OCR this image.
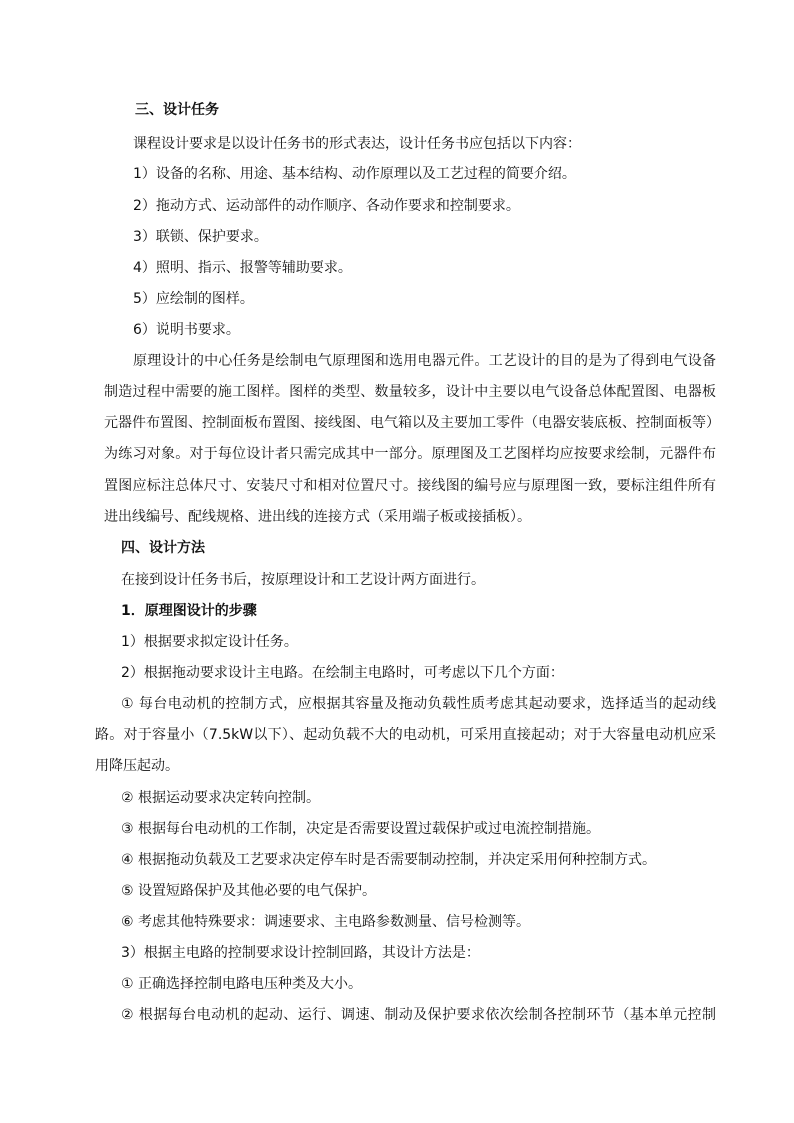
三、设计任务
课程设计要求是以设计任务书的形式表达，设计任务书应包括以下内容：
1）设备的名称、用途、基本结构、动作原理以及工艺过程的简要介绍。
2）拖动方式、运动部件的动作顺序、各动作要求和控制要求。
3）联锁、保护要求。
4）照明、指示、报警等辅助要求。
5）应绘制的图样。
6）说明书要求。
原理设计的中心任务是绘制电气原理图和选用电器元件。工艺设计的目的是为了得到电气设备
制造过程中需要的施工图样。图样的类型、数量较多，设计中主要以电气设备总体配置图、电器板
元器件布置图、控制面板布置图、接线图、电气箱以及主要加工零件（电器安装底板、控制面板等）
为练习对象。对于每位设计者只需完成其中一部分。原理图及工艺图样均应按要求绘制，元器件布
置图应标注总体尺寸、安装尺寸和相对位置尺寸。接线图的编号应与原理图一致，要标注组件所有
进出线编号、配线规格、进出线的连接方式（采用端子板或接插板）。
四、设计方法
在接到设计任务书后，按原理设计和工艺设计两方面进行。
1．原理图设计的步骤
1）根据要求拟定设计任务。
2）根据拖动要求设计主电路。在绘制主电路时，可考虑以下几个方面：
① 每台电动机的控制方式，应根据其容量及拖动负载性质考虑其起动要求，选择适当的起动线
路。对于容量小（7.5kW以下）、起动负载不大的电动机，可采用直接起动；对于大容量电动机应采
用降压起动。
② 根据运动要求决定转向控制。
③ 根据每台电动机的工作制，决定是否需要设置过载保护或过电流控制措施。
④ 根据拖动负载及工艺要求决定停车时是否需要制动控制，并决定采用何种控制方式。
⑤ 设置短路保护及其他必要的电气保护。
⑥ 考虑其他特殊要求：调速要求、主电路参数测量、信号检测等。
3）根据主电路的控制要求设计控制回路，其设计方法是：
① 正确选择控制电路电压种类及大小。
② 根据每台电动机的起动、运行、调速、制动及保护要求依次绘制各控制环节（基本单元控制
